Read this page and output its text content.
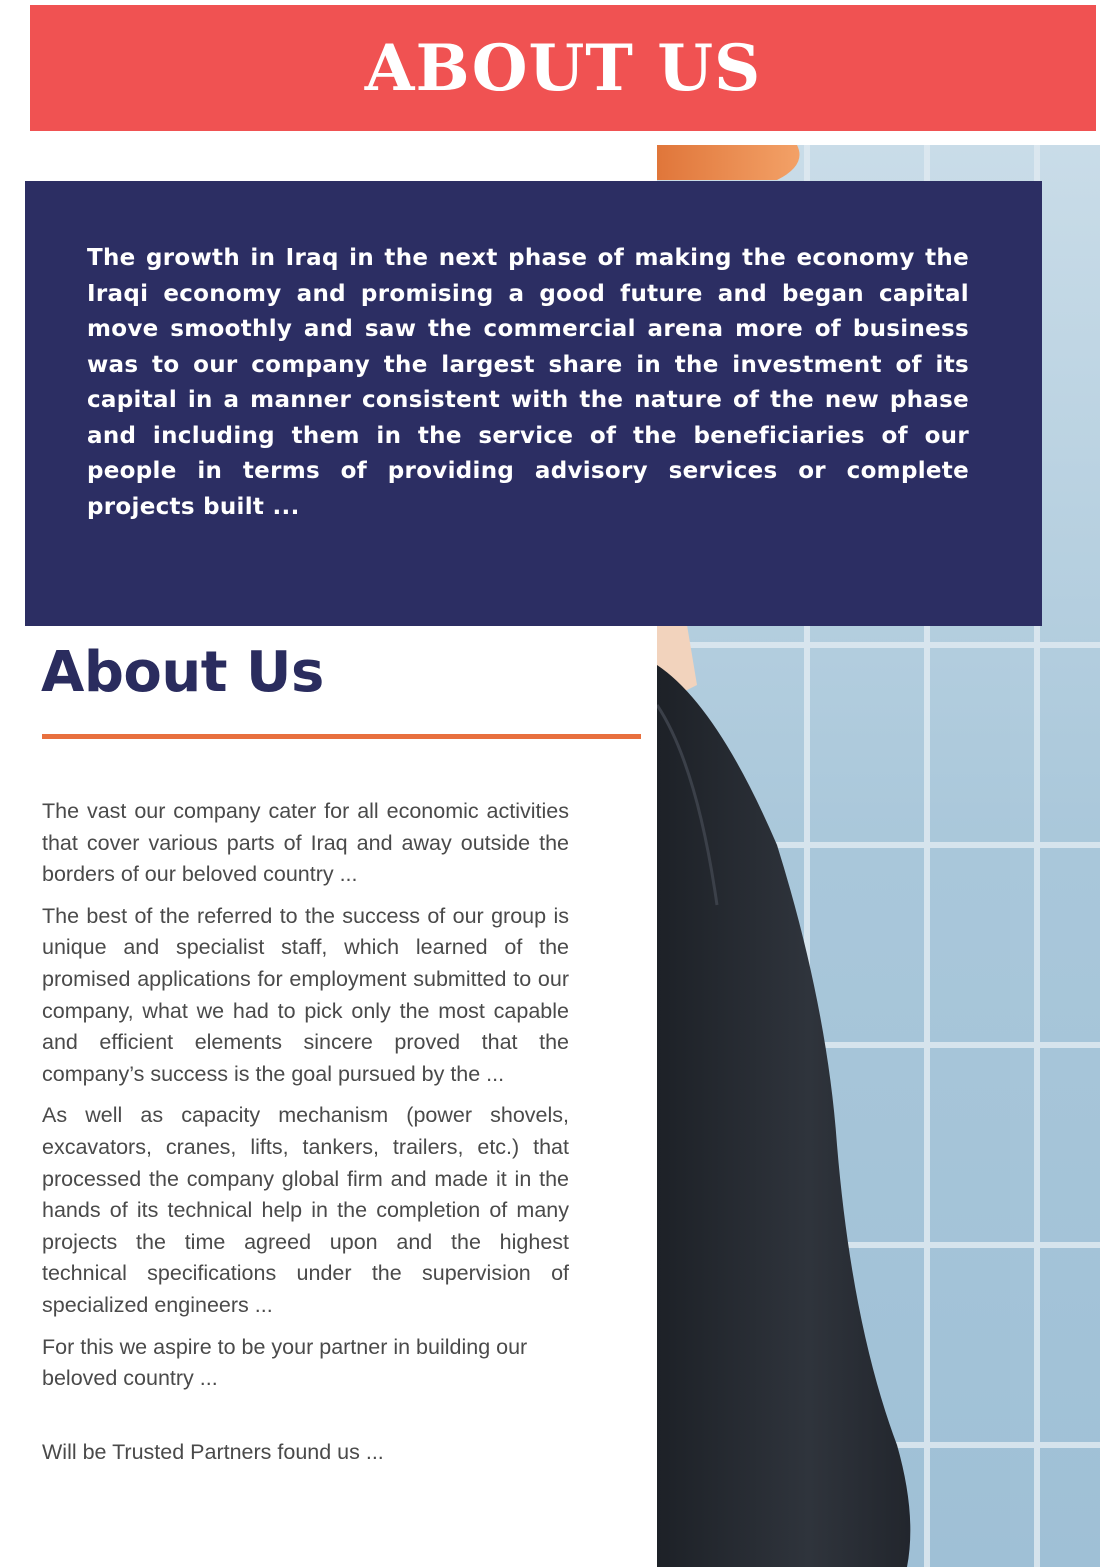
ABOUT US

The growth in Iraq in the next phase of making the economy the Iraqi economy and promising a good future and began capital move smoothly and saw the commercial arena more of business was to our company the largest share in the investment of its capital in a manner consistent with the nature of the new phase and including them in the service of the beneficiaries of our people in terms of providing advisory services or complete projects built ...

About Us

The vast our company cater for all economic activities that cover various parts of Iraq and away outside the borders of our beloved country ...

The best of the referred to the success of our group is unique and specialist staff, which learned of the promised applications for employment submitted to our company, what we had to pick only the most capable and efficient elements sincere proved that the company’s success is the goal pursued by the ...

As well as capacity mechanism (power shovels, excavators, cranes, lifts, tankers, trailers, etc.) that processed the company global firm and made it in the hands of its technical help in the completion of many projects the time agreed upon and the highest technical specifications under the supervision of specialized engineers ...

For this we aspire to be your partner in building our beloved country ...

Will be Trusted Partners found us ...
